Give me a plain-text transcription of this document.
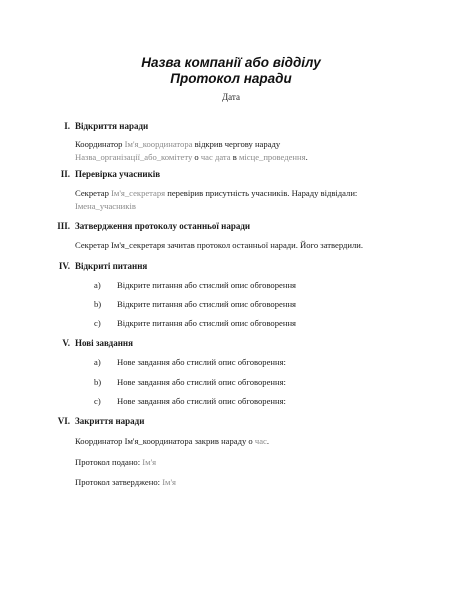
Назва компанії або відділу
Протокол наради
Дата
I. Відкриття наради
Координатор Ім'я_координатора відкрив чергову нараду Назва_організації_або_комітету о час дата в місце_проведення.
II. Перевірка учасників
Секретар Ім'я_секретаря перевірив присутність учасників. Нараду відвідали: Імена_учасників
III. Затвердження протоколу останньої наради
Секретар Ім'я_секретаря зачитав протокол останньої наради. Його затвердили.
IV. Відкриті питання
a) Відкрите питання або стислий опис обговорення
b) Відкрите питання або стислий опис обговорення
c) Відкрите питання або стислий опис обговорення
V. Нові завдання
a) Нове завдання або стислий опис обговорення:
b) Нове завдання або стислий опис обговорення:
c) Нове завдання або стислий опис обговорення:
VI. Закриття наради
Координатор Ім'я_координатора закрив нараду о час.
Протокол подано: Ім'я
Протокол затверджено: Ім'я
